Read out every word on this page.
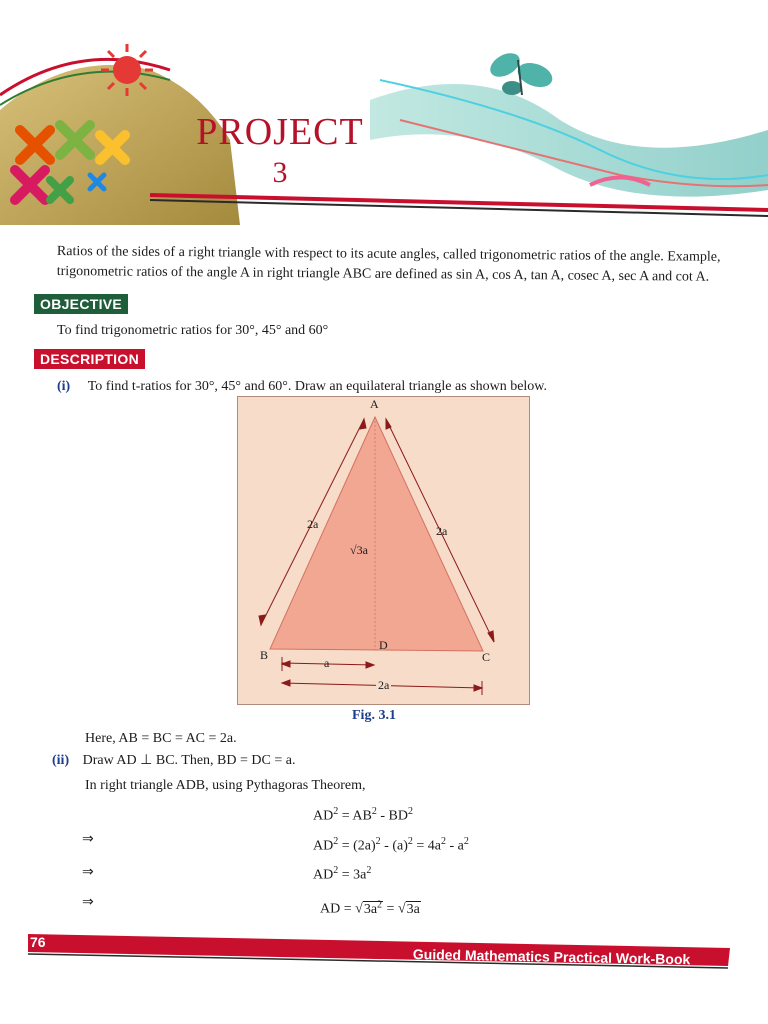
PROJECT
3

Ratios of the sides of a right triangle with respect to its acute angles, called trigonometric ratios of the angle. Example, trigonometric ratios of the angle A in right triangle ABC are defined as sin A, cos A, tan A, cosec A, sec A and cot A.

OBJECTIVE
To find trigonometric ratios for 30°, 45° and 60°
DESCRIPTION
(i) To find t-ratios for 30°, 45° and 60°. Draw an equilateral triangle as shown below.
A
B	C
D
2a	2a
√3a
a
2a
Fig. 3.1
Here, AB = BC = AC = 2a.
(ii) Draw AD ⊥ BC. Then, BD = DC = a.
In right triangle ADB, using Pythagoras Theorem,
$AD^2 = AB^2 - BD^2$
⇒	$AD^2 = (2a)^2 - (a)^2 = 4a^2 - a^2$
⇒	$AD^2 = 3a^2$
⇒	AD = $√3a^2 = √3a$
76
Guided Mathematics Practical Work-Book
